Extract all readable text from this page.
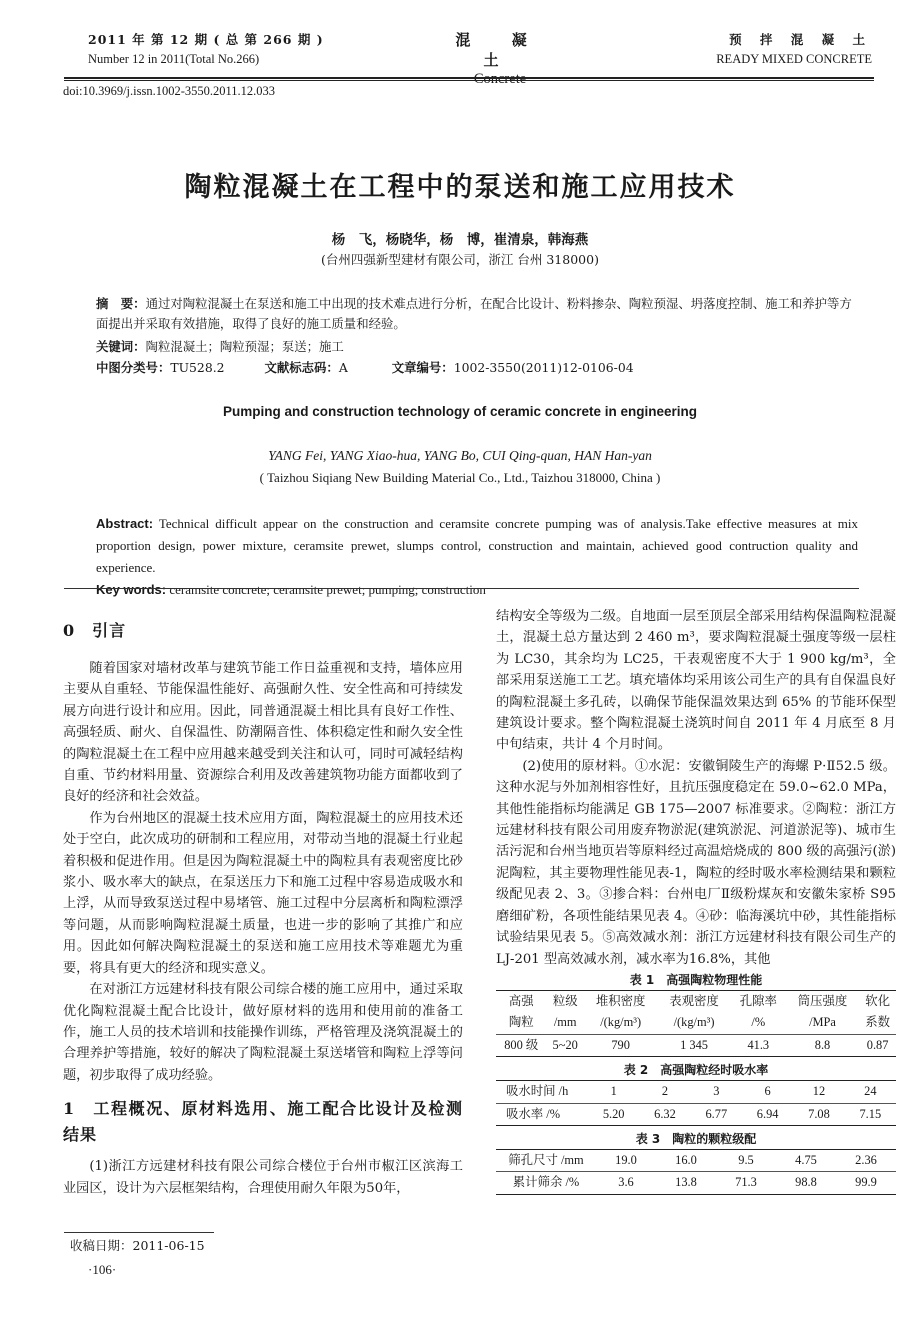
2011 年 第 12 期 ( 总 第 266 期 )
Number 12 in 2011(Total No.266)
混 凝 土
Concrete
预 拌 混 凝 土
READY MIXED CONCRETE
doi:10.3969/j.issn.1002-3550.2011.12.033
陶粒混凝土在工程中的泵送和施工应用技术
杨　飞，杨晓华，杨　博，崔清泉，韩海燕
(台州四强新型建材有限公司，浙江 台州 318000)
摘　要：通过对陶粒混凝土在泵送和施工中出现的技术难点进行分析，在配合比设计、粉料掺杂、陶粒预湿、坍落度控制、施工和养护等方面提出并采取有效措施，取得了良好的施工质量和经验。
关键词：陶粒混凝土；陶粒预湿；泵送；施工
中图分类号：TU528.2	文献标志码：A	文章编号：1002-3550(2011)12-0106-04
Pumping and construction technology of ceramic concrete in engineering
YANG Fei, YANG Xiao-hua, YANG Bo, CUI Qing-quan, HAN Han-yan
( Taizhou Siqiang New Building Material Co., Ltd., Taizhou 318000, China )
Abstract: Technical difficult appear on the construction and ceramsite concrete pumping was of analysis.Take effective measures at mix proportion design, power mixture, ceramsite prewet, slumps control, construction and maintain, achieved good contruction quality and experience.
Key words: ceramsite concrete; ceramsite prewet; pumping; construction
0　引言

随着国家对墙材改革与建筑节能工作日益重视和支持，墙体应用主要从自重轻、节能保温性能好、高强耐久性、安全性高和可持续发展方向进行设计和应用。因此，同普通混凝土相比具有良好工作性、高强轻质、耐火、自保温性、防潮隔音性、体积稳定性和耐久安全性的陶粒混凝土在工程中应用越来越受到关注和认可，同时可减轻结构自重、节约材料用量、资源综合利用及改善建筑物功能方面都收到了良好的经济和社会效益。

作为台州地区的混凝土技术应用方面，陶粒混凝土的应用技术还处于空白，此次成功的研制和工程应用，对带动当地的混凝土行业起着积极和促进作用。但是因为陶粒混凝土中的陶粒具有表观密度比砂浆小、吸水率大的缺点，在泵送压力下和施工过程中容易造成吸水和上浮，从而导致泵送过程中易堵管、施工过程中分层离析和陶粒漂浮等问题，从而影响陶粒混凝土质量，也进一步的影响了其推广和应用。因此如何解决陶粒混凝土的泵送和施工应用技术等难题尤为重要，将具有更大的经济和现实意义。

在对浙江方远建材科技有限公司综合楼的施工应用中，通过采取优化陶粒混凝土配合比设计，做好原材料的选用和使用前的准备工作，施工人员的技术培训和技能操作训练，严格管理及浇筑混凝土的合理养护等措施，较好的解决了陶粒混凝土泵送堵管和陶粒上浮等问题，初步取得了成功经验。

1　工程概况、原材料选用、施工配合比设计及检测结果

(1)浙江方远建材科技有限公司综合楼位于台州市椒江区滨海工业园区，设计为六层框架结构，合理使用耐久年限为50年，

结构安全等级为二级。自地面一层至顶层全部采用结构保温陶粒混凝土，混凝土总方量达到 2 460 m³，要求陶粒混凝土强度等级一层柱为 LC30，其余均为 LC25，干表观密度不大于 1 900 kg/m³，全部采用泵送施工工艺。填充墙体均采用该公司生产的具有自保温良好的陶粒混凝土多孔砖，以确保节能保温效果达到 65% 的节能环保型建筑设计要求。整个陶粒混凝土浇筑时间自 2011 年 4 月底至 8 月中旬结束，共计 4 个月时间。

(2)使用的原材料。①水泥：安徽铜陵生产的海螺 P·Ⅱ52.5 级。这种水泥与外加剂相容性好，且抗压强度稳定在 59.0~62.0 MPa，其他性能指标均能满足 GB 175—2007 标准要求。②陶粒：浙江方远建材科技有限公司用废弃物淤泥(建筑淤泥、河道淤泥等)、城市生活污泥和台州当地页岩等原料经过高温焙烧成的 800 级的高强污(淤)泥陶粒，其主要物理性能见表-1，陶粒的经时吸水率检测结果和颗粒级配见表 2、3。③掺合料：台州电厂Ⅱ级粉煤灰和安徽朱家桥 S95 磨细矿粉，各项性能结果见表 4。④砂：临海溪坑中砂，其性能指标试验结果见表 5。⑤高效减水剂：浙江方远建材科技有限公司生产的 LJ-201 型高效减水剂，减水率为16.8%，其他

表 1　高强陶粒物理性能
高强	粒级	堆积密度	表观密度	孔隙率	筒压强度	软化
陶粒	/mm	/(kg/m³)	/(kg/m³)	/%	/MPa	系数
800 级	5~20	790	1 345	41.3	8.8	0.87
表 2　高强陶粒经时吸水率
吸水时间 /h	1	2	3	6	12	24
吸水率 /%	5.20	6.32	6.77	6.94	7.08	7.15
表 3　陶粒的颗粒级配
筛孔尺寸 /mm	19.0	16.0	9.5	4.75	2.36
累计筛余 /%	3.6	13.8	71.3	98.8	99.9
收稿日期：2011-06-15
·106·
